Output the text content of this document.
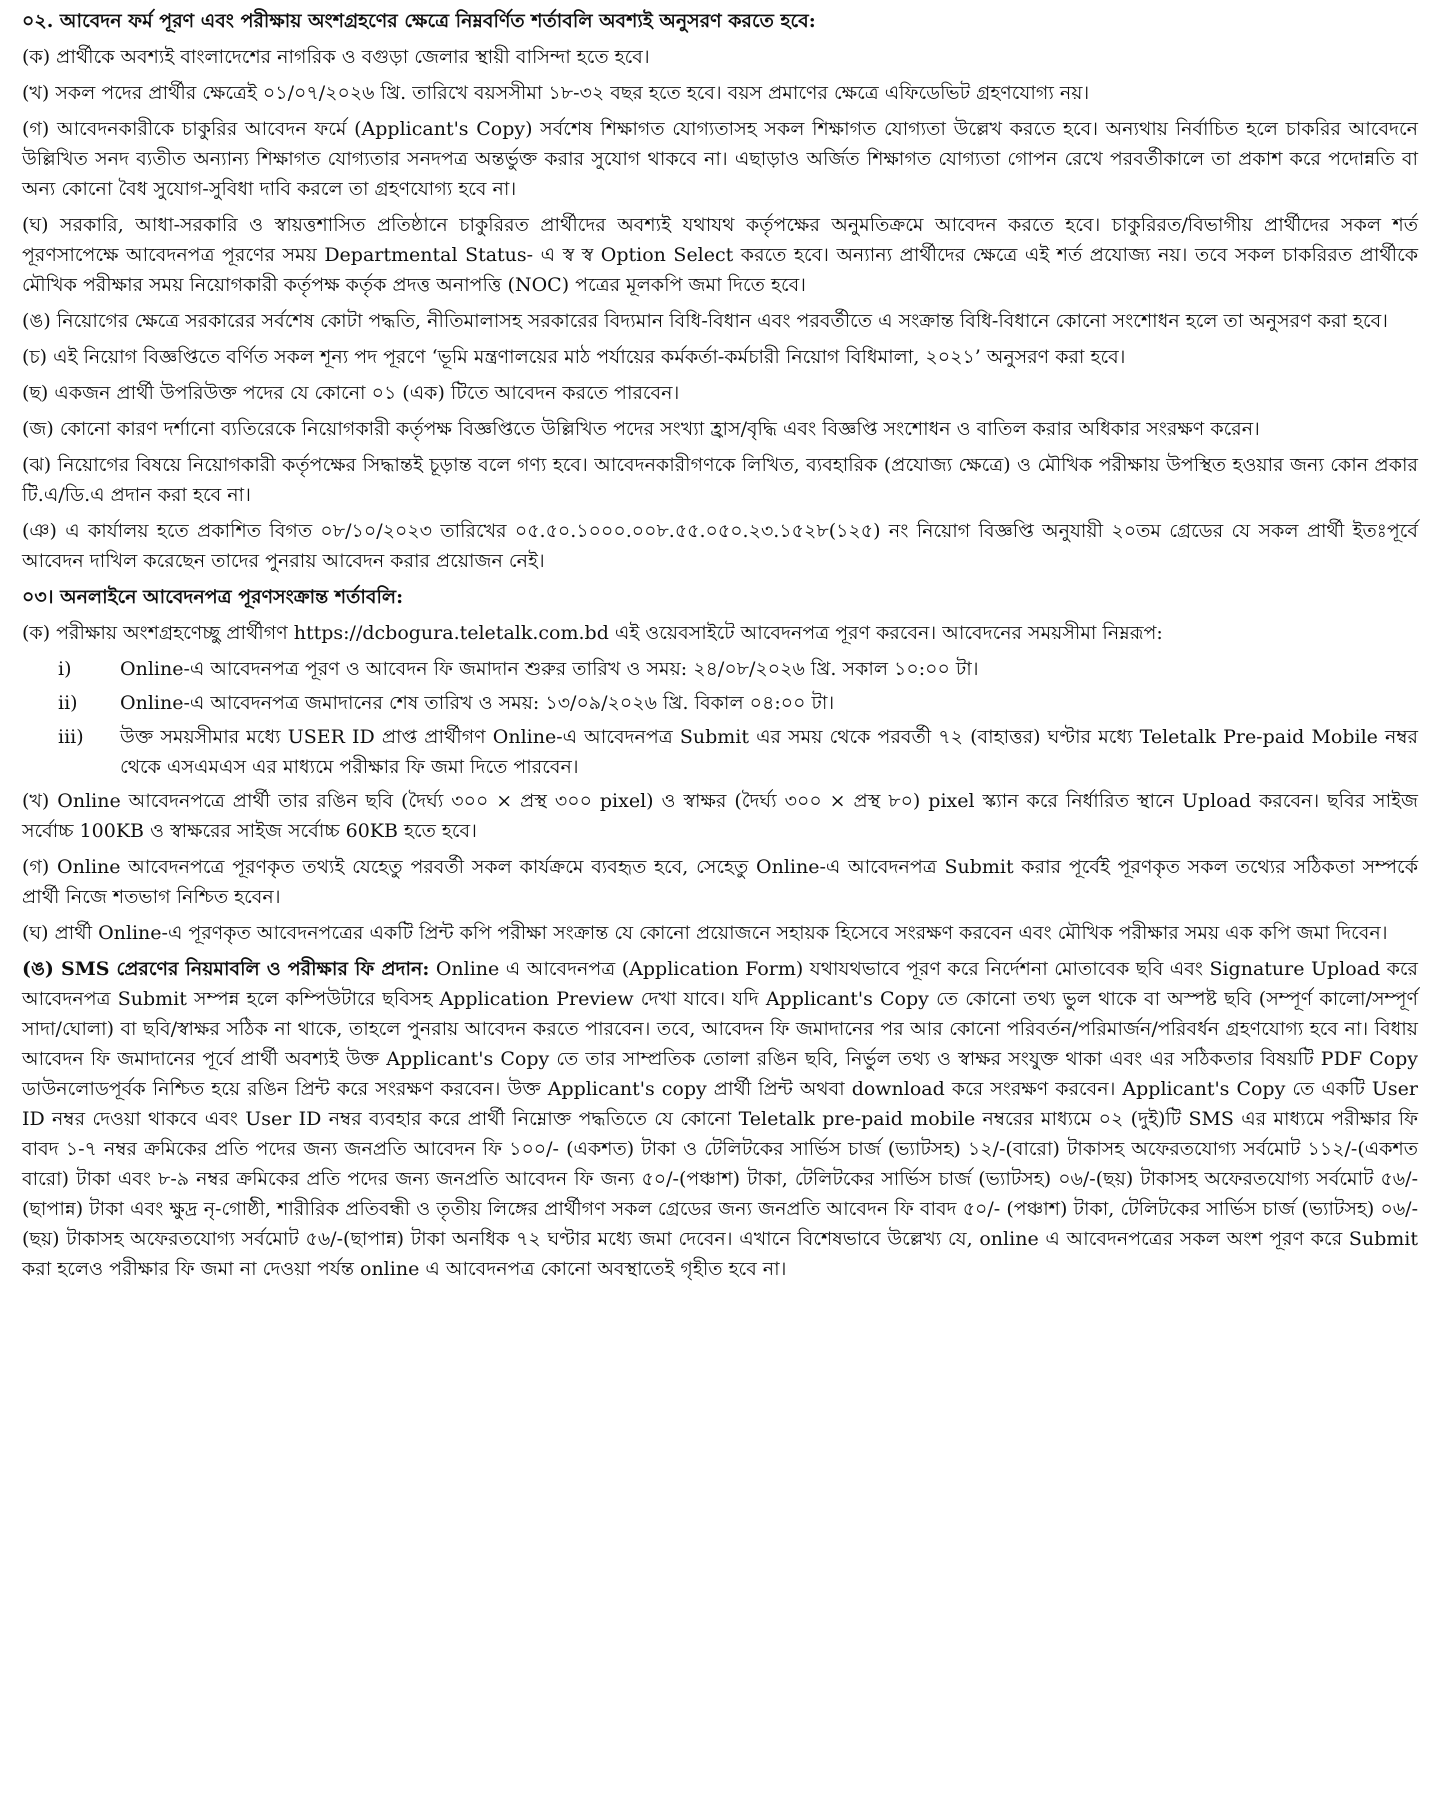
০২. আবেদন ফর্ম পূরণ এবং পরীক্ষায় অংশগ্রহণের ক্ষেত্রে নিম্নবর্ণিত শর্তাবলি অবশ্যই অনুসরণ করতে হবে:

(ক) প্রার্থীকে অবশ্যই বাংলাদেশের নাগরিক ও বগুড়া জেলার স্থায়ী বাসিন্দা হতে হবে।

(খ) সকল পদের প্রার্থীর ক্ষেত্রেই ০১/০৭/২০২৬ খ্রি. তারিখে বয়সসীমা ১৮-৩২ বছর হতে হবে। বয়স প্রমাণের ক্ষেত্রে এফিডেভিট গ্রহণযোগ্য নয়।

(গ) আবেদনকারীকে চাকুরির আবেদন ফর্মে (Applicant's Copy) সর্বশেষ শিক্ষাগত যোগ্যতাসহ সকল শিক্ষাগত যোগ্যতা উল্লেখ করতে হবে। অন্যথায় নির্বাচিত হলে চাকরির আবেদনে উল্লিখিত সনদ ব্যতীত অন্যান্য শিক্ষাগত যোগ্যতার সনদপত্র অন্তর্ভুক্ত করার সুযোগ থাকবে না। এছাড়াও অর্জিত শিক্ষাগত যোগ্যতা গোপন রেখে পরবর্তীকালে তা প্রকাশ করে পদোন্নতি বা অন্য কোনো বৈধ সুযোগ-সুবিধা দাবি করলে তা গ্রহণযোগ্য হবে না।

(ঘ) সরকারি, আধা-সরকারি ও স্বায়ত্তশাসিত প্রতিষ্ঠানে চাকুরিরত প্রার্থীদের অবশ্যই যথাযথ কর্তৃপক্ষের অনুমতিক্রমে আবেদন করতে হবে। চাকুরিরত/বিভাগীয় প্রার্থীদের সকল শর্ত পূরণসাপেক্ষে আবেদনপত্র পূরণের সময় Departmental Status- এ স্ব স্ব Option Select করতে হবে। অন্যান্য প্রার্থীদের ক্ষেত্রে এই শর্ত প্রযোজ্য নয়। তবে সকল চাকরিরত প্রার্থীকে মৌখিক পরীক্ষার সময় নিয়োগকারী কর্তৃপক্ষ কর্তৃক প্রদত্ত অনাপত্তি (NOC) পত্রের মূলকপি জমা দিতে হবে।

(ঙ) নিয়োগের ক্ষেত্রে সরকারের সর্বশেষ কোটা পদ্ধতি, নীতিমালাসহ সরকারের বিদ্যমান বিধি-বিধান এবং পরবর্তীতে এ সংক্রান্ত বিধি-বিধানে কোনো সংশোধন হলে তা অনুসরণ করা হবে।

(চ) এই নিয়োগ বিজ্ঞপ্তিতে বর্ণিত সকল শূন্য পদ পূরণে ‘ভূমি মন্ত্রণালয়ের মাঠ পর্যায়ের কর্মকর্তা-কর্মচারী নিয়োগ বিধিমালা, ২০২১’ অনুসরণ করা হবে।

(ছ) একজন প্রার্থী উপরিউক্ত পদের যে কোনো ০১ (এক) টিতে আবেদন করতে পারবেন।

(জ) কোনো কারণ দর্শানো ব্যতিরেকে নিয়োগকারী কর্তৃপক্ষ বিজ্ঞপ্তিতে উল্লিখিত পদের সংখ্যা হ্রাস/বৃদ্ধি এবং বিজ্ঞপ্তি সংশোধন ও বাতিল করার অধিকার সংরক্ষণ করেন।

(ঝ) নিয়োগের বিষয়ে নিয়োগকারী কর্তৃপক্ষের সিদ্ধান্তই চূড়ান্ত বলে গণ্য হবে। আবেদনকারীগণকে লিখিত, ব্যবহারিক (প্রযোজ্য ক্ষেত্রে) ও মৌখিক পরীক্ষায় উপস্থিত হওয়ার জন্য কোন প্রকার টি.এ/ডি.এ প্রদান করা হবে না।

(ঞ) এ কার্যালয় হতে প্রকাশিত বিগত ০৮/১০/২০২৩ তারিখের ০৫.৫০.১০০০.০০৮.৫৫.০৫০.২৩.১৫২৮(১২৫) নং নিয়োগ বিজ্ঞপ্তি অনুযায়ী ২০তম গ্রেডের যে সকল প্রার্থী ইতঃপূর্বে আবেদন দাখিল করেছেন তাদের পুনরায় আবেদন করার প্রয়োজন নেই।

০৩। অনলাইনে আবেদনপত্র পূরণসংক্রান্ত শর্তাবলি:

(ক) পরীক্ষায় অংশগ্রহণেচ্ছু প্রার্থীগণ https://dcbogura.teletalk.com.bd এই ওয়েবসাইটে আবেদনপত্র পূরণ করবেন। আবেদনের সময়সীমা নিম্নরূপ:

i)	Online-এ আবেদনপত্র পূরণ ও আবেদন ফি জমাদান শুরুর তারিখ ও সময়: ২৪/০৮/২০২৬ খ্রি. সকাল ১০:০০ টা।
ii)	Online-এ আবেদনপত্র জমাদানের শেষ তারিখ ও সময়: ১৩/০৯/২০২৬ খ্রি. বিকাল ০৪:০০ টা।
iii)	উক্ত সময়সীমার মধ্যে USER ID প্রাপ্ত প্রার্থীগণ Online-এ আবেদনপত্র Submit এর সময় থেকে পরবর্তী ৭২ (বাহাত্তর) ঘণ্টার মধ্যে Teletalk Pre-paid Mobile নম্বর থেকে এসএমএস এর মাধ্যমে পরীক্ষার ফি জমা দিতে পারবেন।

(খ) Online আবেদনপত্রে প্রার্থী তার রঙিন ছবি (দৈর্ঘ্য ৩০০ × প্রস্থ ৩০০ pixel) ও স্বাক্ষর (দৈর্ঘ্য ৩০০ × প্রস্থ ৮০) pixel স্ক্যান করে নির্ধারিত স্থানে Upload করবেন। ছবির সাইজ সর্বোচ্চ 100KB ও স্বাক্ষরের সাইজ সর্বোচ্চ 60KB হতে হবে।

(গ) Online আবেদনপত্রে পূরণকৃত তথ্যই যেহেতু পরবর্তী সকল কার্যক্রমে ব্যবহৃত হবে, সেহেতু Online-এ আবেদনপত্র Submit করার পূর্বেই পূরণকৃত সকল তথ্যের সঠিকতা সম্পর্কে প্রার্থী নিজে শতভাগ নিশ্চিত হবেন।

(ঘ) প্রার্থী Online-এ পূরণকৃত আবেদনপত্রের একটি প্রিন্ট কপি পরীক্ষা সংক্রান্ত যে কোনো প্রয়োজনে সহায়ক হিসেবে সংরক্ষণ করবেন এবং মৌখিক পরীক্ষার সময় এক কপি জমা দিবেন।

(ঙ) SMS প্রেরণের নিয়মাবলি ও পরীক্ষার ফি প্রদান: Online এ আবেদনপত্র (Application Form) যথাযথভাবে পূরণ করে নির্দেশনা মোতাবেক ছবি এবং Signature Upload করে আবেদনপত্র Submit সম্পন্ন হলে কম্পিউটারে ছবিসহ Application Preview দেখা যাবে। যদি Applicant's Copy তে কোনো তথ্য ভুল থাকে বা অস্পষ্ট ছবি (সম্পূর্ণ কালো/সম্পূর্ণ সাদা/ঘোলা) বা ছবি/স্বাক্ষর সঠিক না থাকে, তাহলে পুনরায় আবেদন করতে পারবেন। তবে, আবেদন ফি জমাদানের পর আর কোনো পরিবর্তন/পরিমার্জন/পরিবর্ধন গ্রহণযোগ্য হবে না। বিধায় আবেদন ফি জমাদানের পূর্বে প্রার্থী অবশ্যই উক্ত Applicant's Copy তে তার সাম্প্রতিক তোলা রঙিন ছবি, নির্ভুল তথ্য ও স্বাক্ষর সংযুক্ত থাকা এবং এর সঠিকতার বিষয়টি PDF Copy ডাউনলোডপূর্বক নিশ্চিত হয়ে রঙিন প্রিন্ট করে সংরক্ষণ করবেন। উক্ত Applicant's copy প্রার্থী প্রিন্ট অথবা download করে সংরক্ষণ করবেন। Applicant's Copy তে একটি User ID নম্বর দেওয়া থাকবে এবং User ID নম্বর ব্যবহার করে প্রার্থী নিম্নোক্ত পদ্ধতিতে যে কোনো Teletalk pre-paid mobile নম্বরের মাধ্যমে ০২ (দুই)টি SMS এর মাধ্যমে পরীক্ষার ফি বাবদ ১-৭ নম্বর ক্রমিকের প্রতি পদের জন্য জনপ্রতি আবেদন ফি ১০০/- (একশত) টাকা ও টেলিটকের সার্ভিস চার্জ (ভ্যাটসহ) ১২/-(বারো) টাকাসহ অফেরতযোগ্য সর্বমোট ১১২/-(একশত বারো) টাকা এবং ৮-৯ নম্বর ক্রমিকের প্রতি পদের জন্য জনপ্রতি আবেদন ফি জন্য ৫০/-(পঞ্চাশ) টাকা, টেলিটকের সার্ভিস চার্জ (ভ্যাটসহ) ০৬/-(ছয়) টাকাসহ অফেরতযোগ্য সর্বমোট ৫৬/-(ছাপান্ন) টাকা এবং ক্ষুদ্র নৃ-গোষ্ঠী, শারীরিক প্রতিবন্ধী ও তৃতীয় লিঙ্গের প্রার্থীগণ সকল গ্রেডের জন্য জনপ্রতি আবেদন ফি বাবদ ৫০/- (পঞ্চাশ) টাকা, টেলিটকের সার্ভিস চার্জ (ভ্যাটসহ) ০৬/-(ছয়) টাকাসহ অফেরতযোগ্য সর্বমোট ৫৬/-(ছাপান্ন) টাকা অনধিক ৭২ ঘণ্টার মধ্যে জমা দেবেন। এখানে বিশেষভাবে উল্লেখ্য যে, online এ আবেদনপত্রের সকল অংশ পূরণ করে Submit করা হলেও পরীক্ষার ফি জমা না দেওয়া পর্যন্ত online এ আবেদনপত্র কোনো অবস্থাতেই গৃহীত হবে না।
